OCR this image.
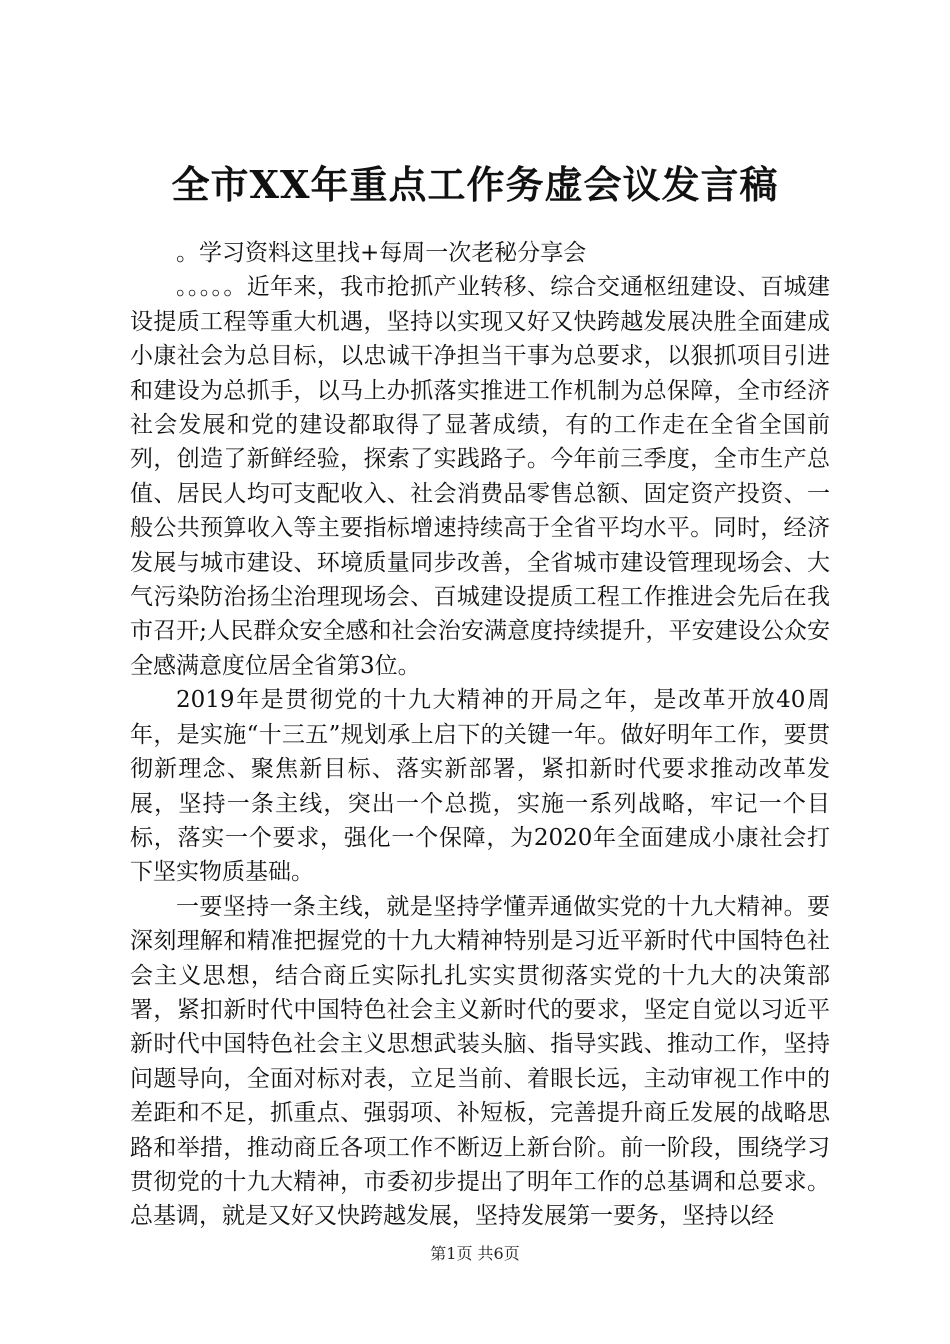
全市XX年重点工作务虚会议发言稿

。学习资料这里找+每周一次老秘分享会

。。。。。近年来，我市抢抓产业转移、综合交通枢纽建设、百城建设提质工程等重大机遇，坚持以实现又好又快跨越发展决胜全面建成小康社会为总目标，以忠诚干净担当干事为总要求，以狠抓项目引进和建设为总抓手，以马上办抓落实推进工作机制为总保障，全市经济社会发展和党的建设都取得了显著成绩，有的工作走在全省全国前列，创造了新鲜经验，探索了实践路子。今年前三季度，全市生产总值、居民人均可支配收入、社会消费品零售总额、固定资产投资、一般公共预算收入等主要指标增速持续高于全省平均水平。同时，经济发展与城市建设、环境质量同步改善，全省城市建设管理现场会、大气污染防治扬尘治理现场会、百城建设提质工程工作推进会先后在我市召开;人民群众安全感和社会治安满意度持续提升，平安建设公众安全感满意度位居全省第3位。

2019年是贯彻党的十九大精神的开局之年，是改革开放40周年，是实施“十三五”规划承上启下的关键一年。做好明年工作，要贯彻新理念、聚焦新目标、落实新部署，紧扣新时代要求推动改革发展，坚持一条主线，突出一个总揽，实施一系列战略，牢记一个目标，落实一个要求，强化一个保障，为2020年全面建成小康社会打下坚实物质基础。

一要坚持一条主线，就是坚持学懂弄通做实党的十九大精神。要深刻理解和精准把握党的十九大精神特别是习近平新时代中国特色社会主义思想，结合商丘实际扎扎实实贯彻落实党的十九大的决策部署，紧扣新时代中国特色社会主义新时代的要求，坚定自觉以习近平新时代中国特色社会主义思想武装头脑、指导实践、推动工作，坚持问题导向，全面对标对表，立足当前、着眼长远，主动审视工作中的差距和不足，抓重点、强弱项、补短板，完善提升商丘发展的战略思路和举措，推动商丘各项工作不断迈上新台阶。前一阶段，围绕学习贯彻党的十九大精神，市委初步提出了明年工作的总基调和总要求。总基调，就是又好又快跨越发展，坚持发展第一要务，坚持以经

第1页 共6页
